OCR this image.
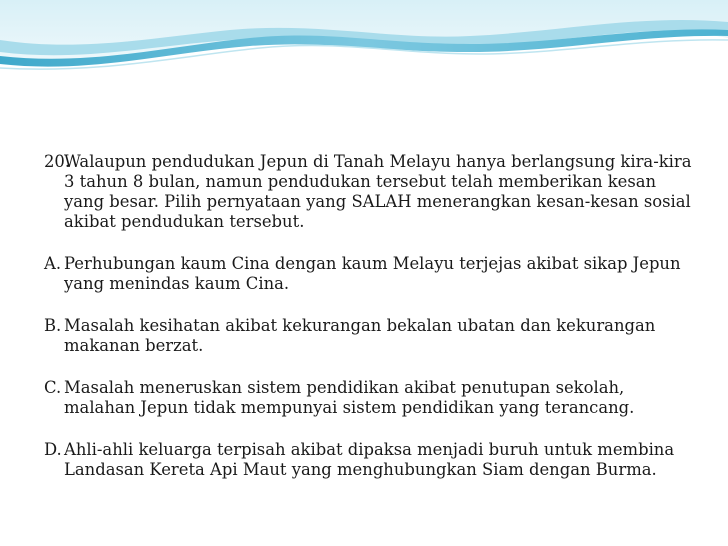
20.
Walaupun pendudukan Jepun di Tanah Melayu hanya berlangsung kira-kira 3 tahun 8 bulan, namun pendudukan tersebut telah memberikan kesan yang besar. Pilih pernyataan yang SALAH menerangkan kesan-kesan sosial akibat pendudukan tersebut.
A. Perhubungan kaum Cina dengan kaum Melayu terjejas akibat sikap Jepun yang menindas kaum Cina.
B. Masalah kesihatan akibat kekurangan bekalan ubatan dan kekurangan makanan berzat.
C. Masalah meneruskan sistem pendidikan akibat penutupan sekolah, malahan Jepun tidak mempunyai sistem pendidikan yang terancang.
D. Ahli-ahli keluarga terpisah akibat dipaksa menjadi buruh untuk membina Landasan Kereta Api Maut yang menghubungkan Siam dengan Burma.
